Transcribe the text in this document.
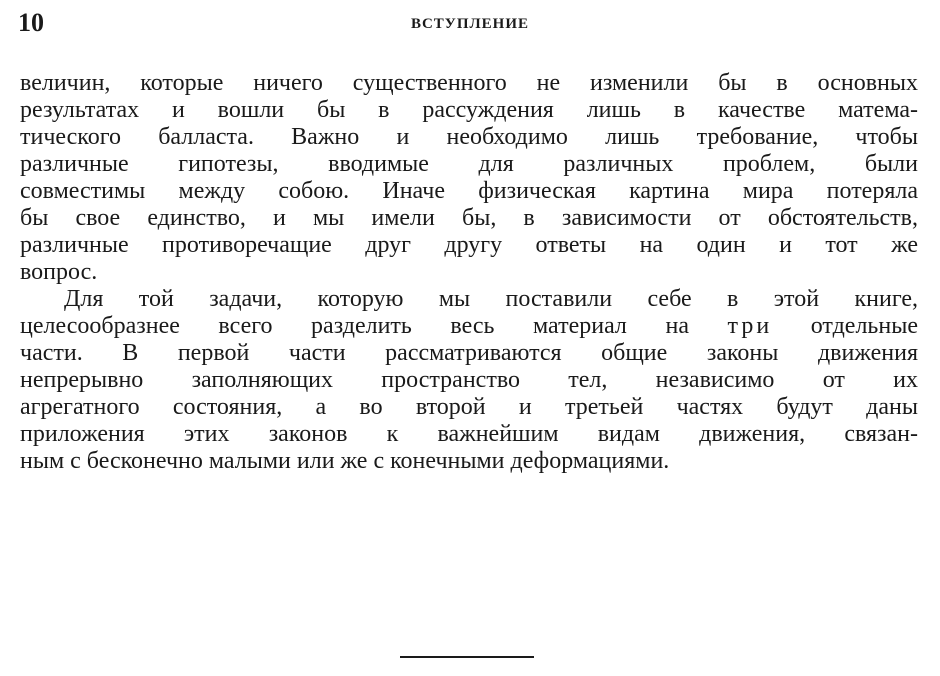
10	ВСТУПЛЕНИЕ
величин, которые ничего существенного не изменили бы в основных
результатах и вошли бы в рассуждения лишь в качестве матема-
тического балласта. Важно и необходимо лишь требование, чтобы
различные гипотезы, вводимые для различных проблем, были
совместимы между собою. Иначе физическая картина мира потеряла
бы свое единство, и мы имели бы, в зависимости от обстоятельств,
различные противоречащие друг другу ответы на один и тот же
вопрос.
Для той задачи, которую мы поставили себе в этой книге,
целесообразнее всего разделить весь материал на три отдельные
части. В первой части рассматриваются общие законы движения
непрерывно заполняющих пространство тел, независимо от их
агрегатного состояния, а во второй и третьей частях будут даны
приложения этих законов к важнейшим видам движения, связан-
ным с бесконечно малыми или же с конечными деформациями.
